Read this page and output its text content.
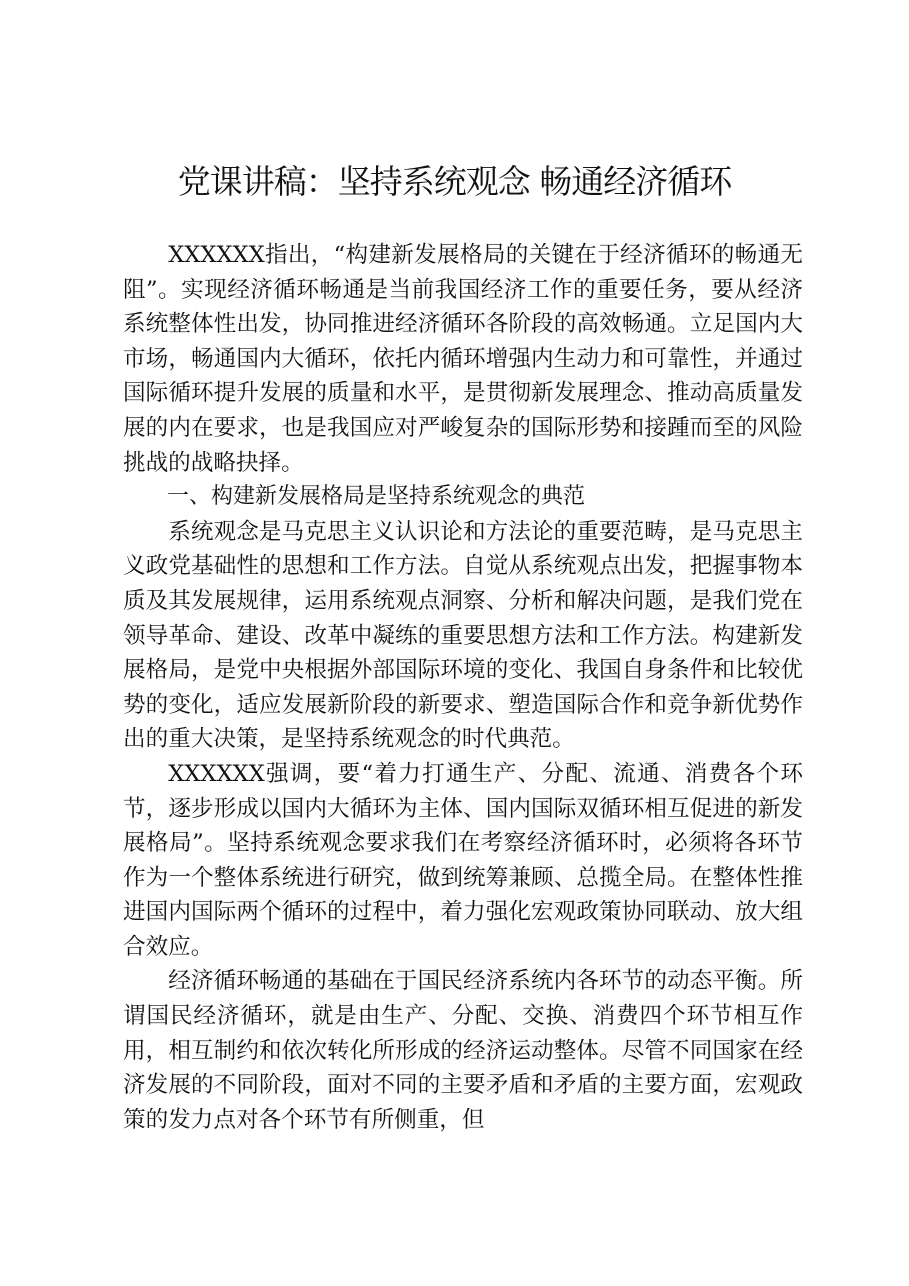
党课讲稿：坚持系统观念 畅通经济循环

XXXXXX指出，“构建新发展格局的关键在于经济循环的畅通无阻”。实现经济循环畅通是当前我国经济工作的重要任务，要从经济系统整体性出发，协同推进经济循环各阶段的高效畅通。立足国内大市场，畅通国内大循环，依托内循环增强内生动力和可靠性，并通过国际循环提升发展的质量和水平，是贯彻新发展理念、推动高质量发展的内在要求，也是我国应对严峻复杂的国际形势和接踵而至的风险挑战的战略抉择。

一、构建新发展格局是坚持系统观念的典范

系统观念是马克思主义认识论和方法论的重要范畴，是马克思主义政党基础性的思想和工作方法。自觉从系统观点出发，把握事物本质及其发展规律，运用系统观点洞察、分析和解决问题，是我们党在领导革命、建设、改革中凝练的重要思想方法和工作方法。构建新发展格局，是党中央根据外部国际环境的变化、我国自身条件和比较优势的变化，适应发展新阶段的新要求、塑造国际合作和竞争新优势作出的重大决策，是坚持系统观念的时代典范。

XXXXXX强调，要“着力打通生产、分配、流通、消费各个环节，逐步形成以国内大循环为主体、国内国际双循环相互促进的新发展格局”。坚持系统观念要求我们在考察经济循环时，必须将各环节作为一个整体系统进行研究，做到统筹兼顾、总揽全局。在整体性推进国内国际两个循环的过程中，着力强化宏观政策协同联动、放大组合效应。

经济循环畅通的基础在于国民经济系统内各环节的动态平衡。所谓国民经济循环，就是由生产、分配、交换、消费四个环节相互作用，相互制约和依次转化所形成的经济运动整体。尽管不同国家在经济发展的不同阶段，面对不同的主要矛盾和矛盾的主要方面，宏观政策的发力点对各个环节有所侧重，但
